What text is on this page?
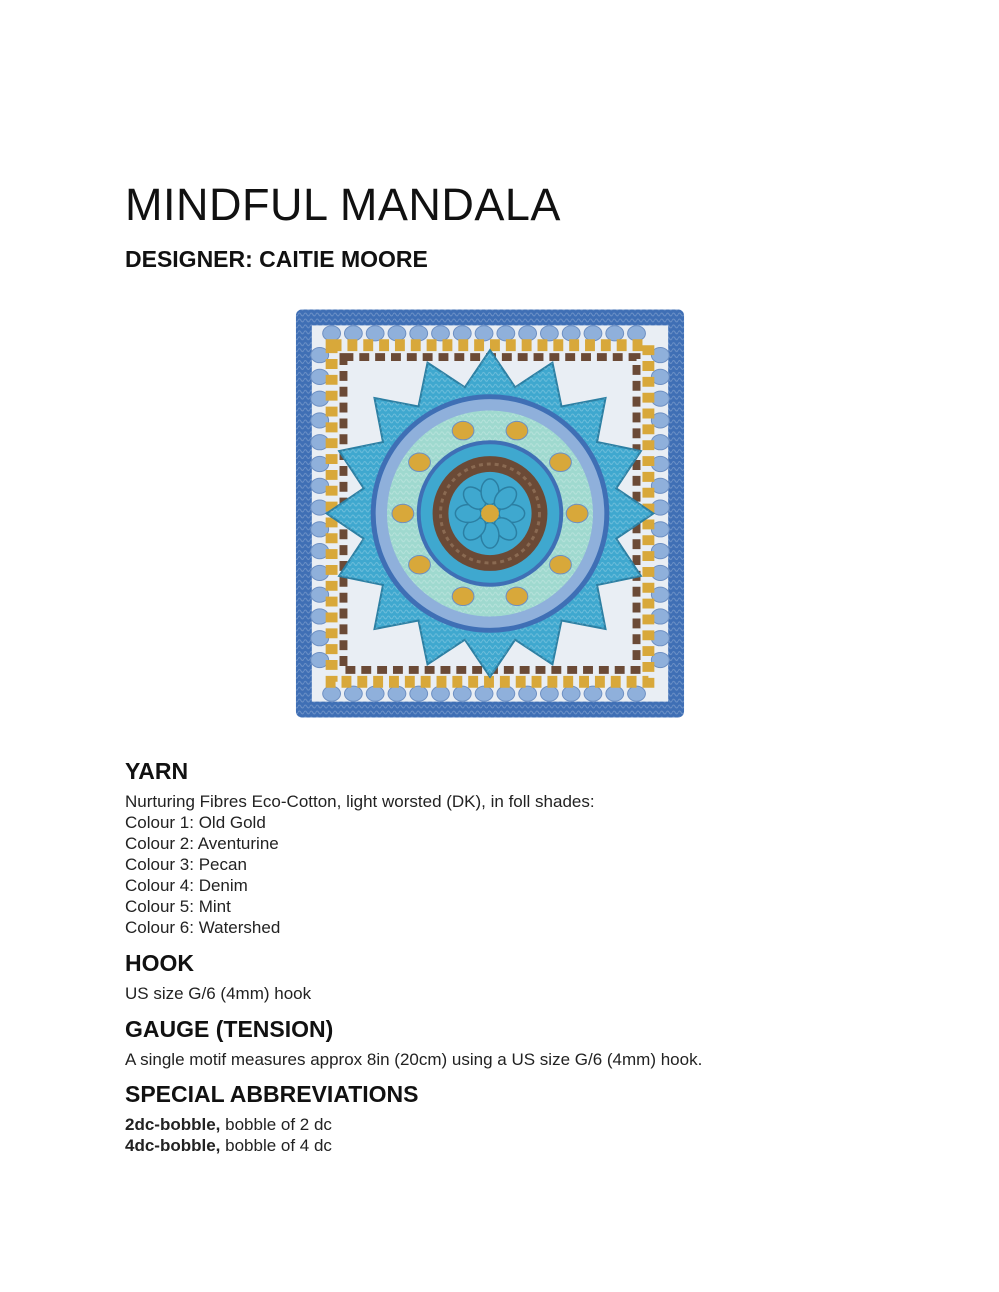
MINDFUL MANDALA
DESIGNER: CAITIE MOORE
YARN

Nurturing Fibres Eco-Cotton, light worsted (DK), in foll shades:

Colour 1: Old Gold
Colour 2: Aventurine
Colour 3: Pecan
Colour 4: Denim
Colour 5: Mint
Colour 6: Watershed
HOOK

US size G/6 (4mm) hook

GAUGE (TENSION)

A single motif measures approx 8in (20cm) using a US size G/6 (4mm) hook.

SPECIAL ABBREVIATIONS

2dc-bobble, bobble of 2 dc

4dc-bobble, bobble of 4 dc
